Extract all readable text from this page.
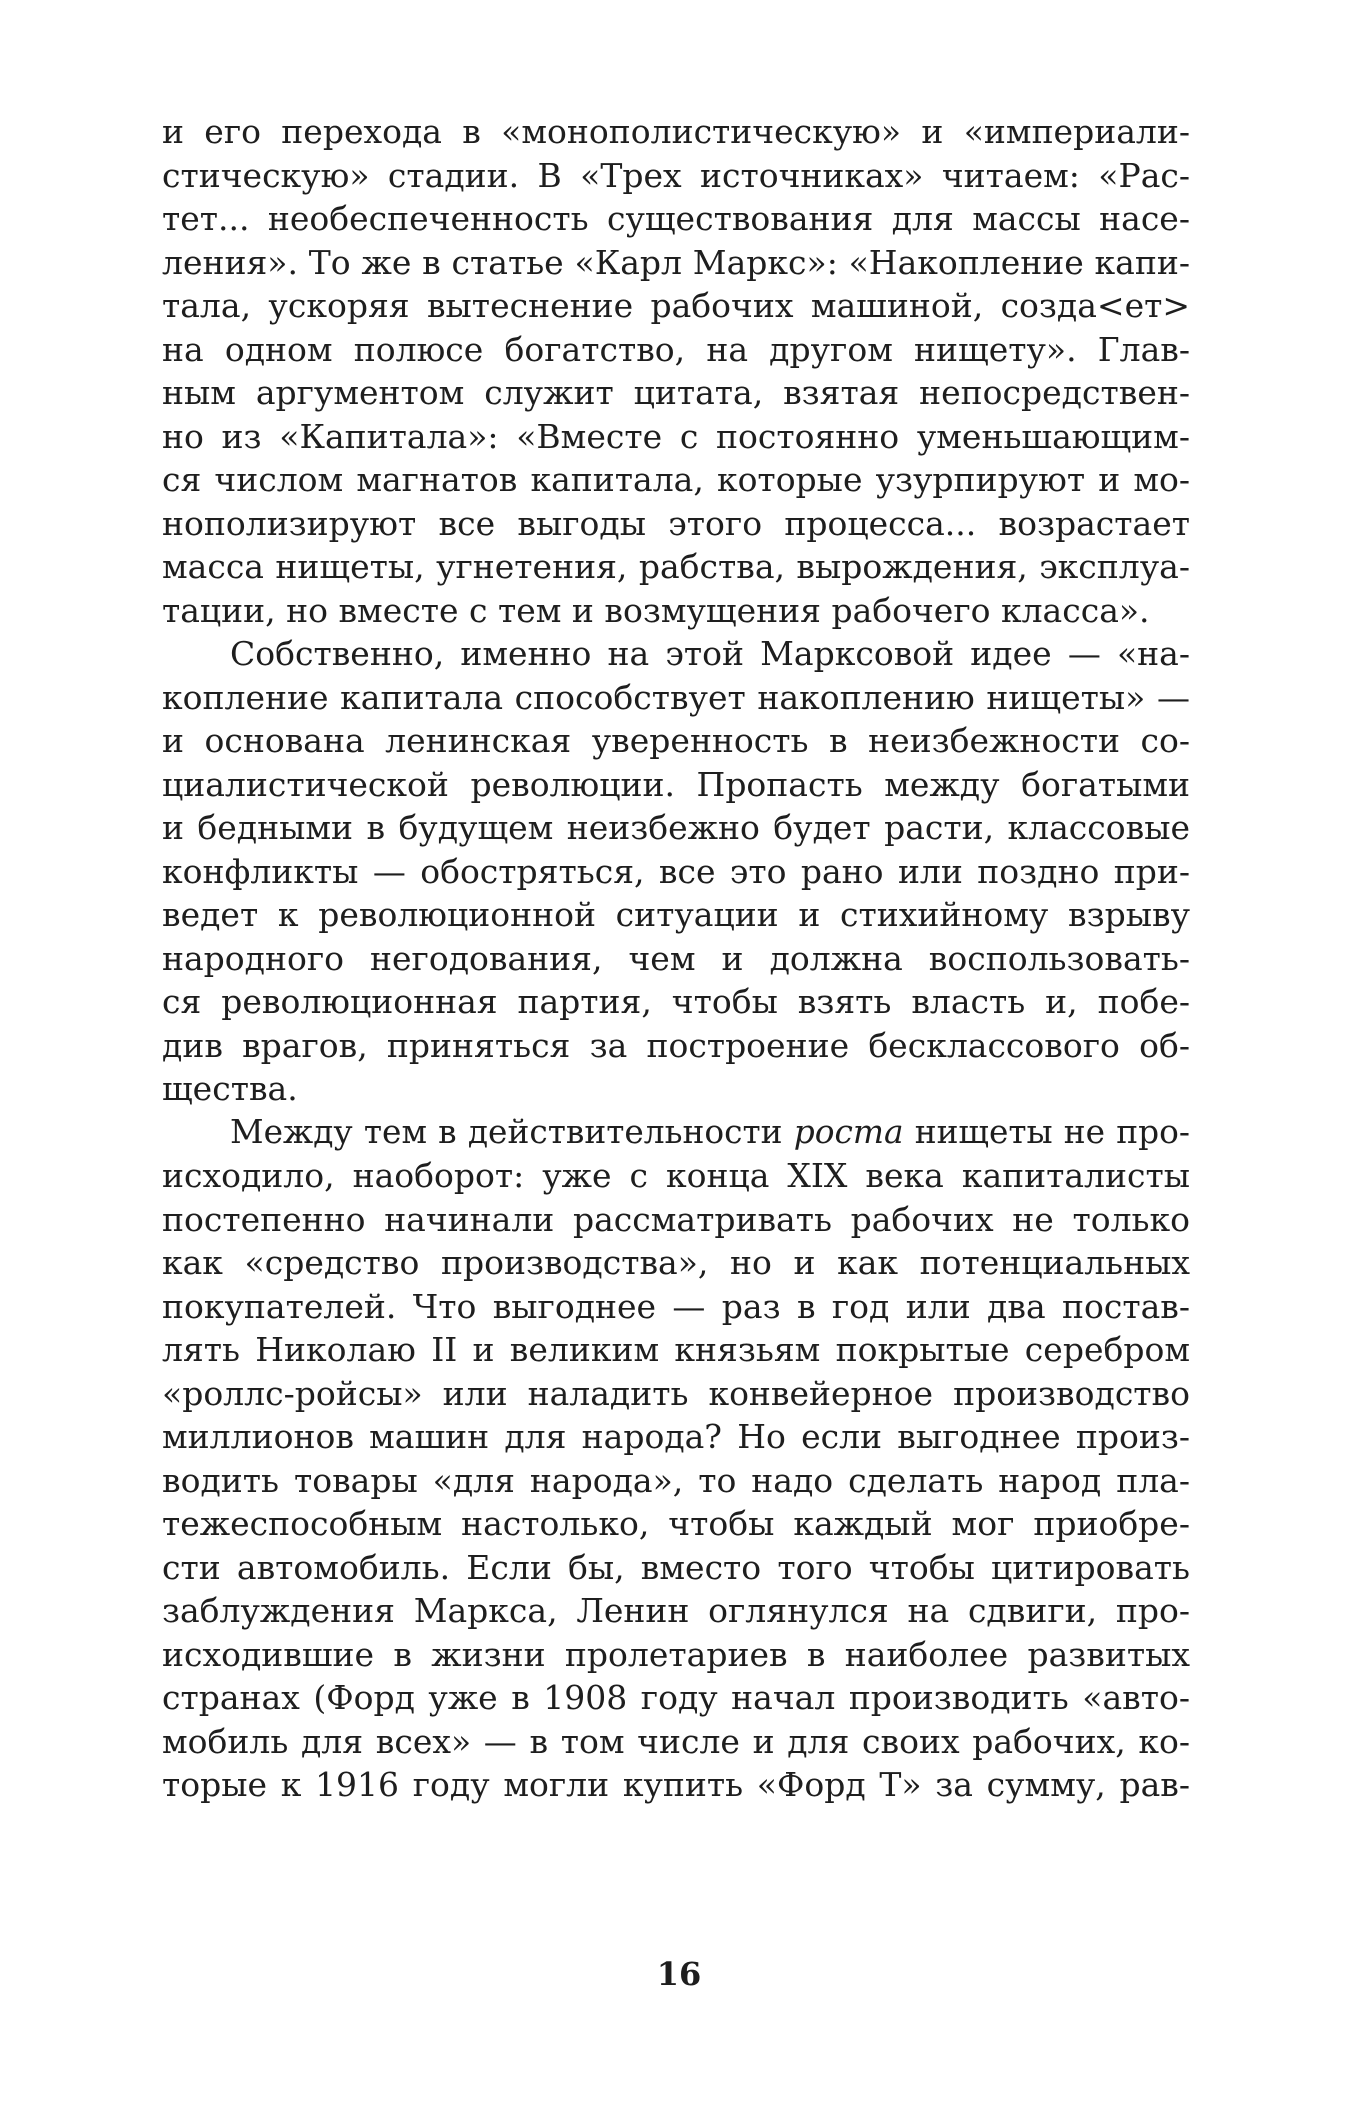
и его перехода в «монополистическую» и «империали-
стическую» стадии. В «Трех источниках» читаем: «Рас-
тет... необеспеченность существования для массы насе-
ления». То же в статье «Карл Маркс»: «Накопление капи-
тала, ускоряя вытеснение рабочих машиной, созда<ет>
на одном полюсе богатство, на другом нищету». Глав-
ным аргументом служит цитата, взятая непосредствен-
но из «Капитала»: «Вместе с постоянно уменьшающим-
ся числом магнатов капитала, которые узурпируют и мо-
нополизируют все выгоды этого процесса... возрастает
масса нищеты, угнетения, рабства, вырождения, эксплуа-
тации, но вместе с тем и возмущения рабочего класса».
Собственно, именно на этой Марксовой идее — «на-
копление капитала способствует накоплению нищеты» —
и основана ленинская уверенность в неизбежности со-
циалистической революции. Пропасть между богатыми
и бедными в будущем неизбежно будет расти, классовые
конфликты — обостряться, все это рано или поздно при-
ведет к революционной ситуации и стихийному взрыву
народного негодования, чем и должна воспользовать-
ся революционная партия, чтобы взять власть и, побе-
див врагов, приняться за построение бесклассового об-
щества.
Между тем в действительности роста нищеты не про-
исходило, наоборот: уже с конца XIX века капиталисты
постепенно начинали рассматривать рабочих не только
как «средство производства», но и как потенциальных
покупателей. Что выгоднее — раз в год или два постав-
лять Николаю II и великим князьям покрытые серебром
«роллс-ройсы» или наладить конвейерное производство
миллионов машин для народа? Но если выгоднее произ-
водить товары «для народа», то надо сделать народ пла-
тежеспособным настолько, чтобы каждый мог приобре-
сти автомобиль. Если бы, вместо того чтобы цитировать
заблуждения Маркса, Ленин оглянулся на сдвиги, про-
исходившие в жизни пролетариев в наиболее развитых
странах (Форд уже в 1908 году начал производить «авто-
мобиль для всех» — в том числе и для своих рабочих, ко-
торые к 1916 году могли купить «Форд Т» за сумму, рав-
16
